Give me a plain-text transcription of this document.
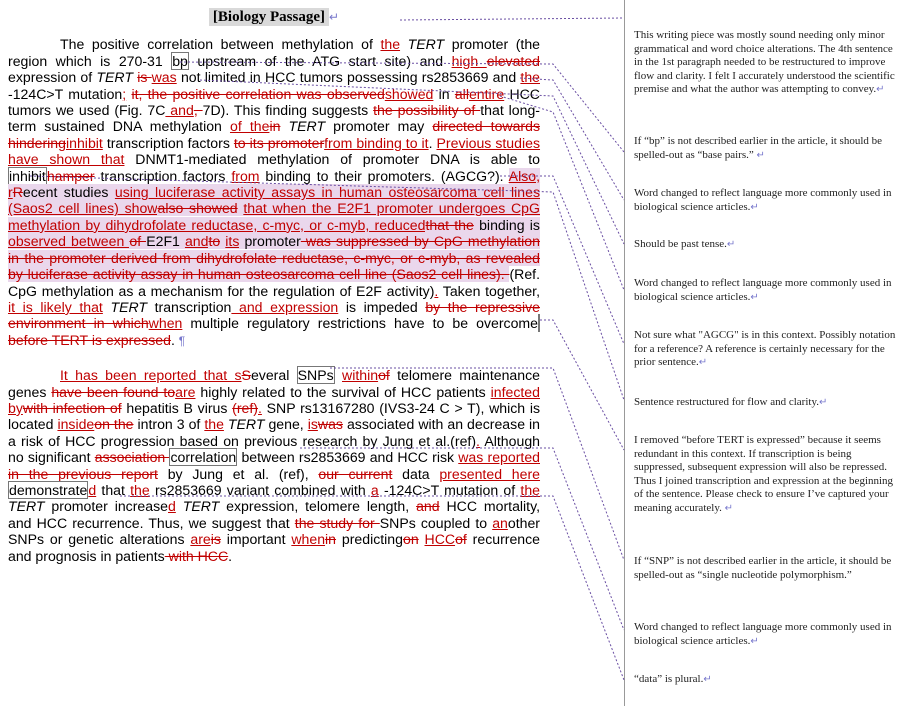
[Biology Passage] ↵

The positive correlation between methylation of the TERT promoter (the region which is 270-31 bp upstream of the ATG start site) and high elevated expression of TERT is was not limited in HCC tumors possessing rs2853669 and the -124C>T mutation; it, the positive correlation was observedshowed in allentire HCC tumors we used (Fig. 7C and, 7D). This finding suggests the possibility of that long-term sustained DNA methylation of thein TERT promoter may directed towards hinderinginhibit transcription factors to its promoterfrom binding to it. Previous studies have shown that DNMT1-mediated methylation of promoter DNA is able to inhibithamper transcription factors from binding to their promoters. (AGCG?). Also, rRecent studies using luciferase activity assays in human osteosarcoma cell lines (Saos2 cell lines) showalso showed that when the E2F1 promoter undergoes CpG methylation by dihydrofolate reductase, c-myc, or c-myb, reducedthat the binding is observed between of E2F1 andto its promoter was suppressed by CpG methylation in the promoter derived from dihydrofolate reductase, c-myc, or c-myb, as revealed by luciferase activity assay in human osteosarcoma cell line (Saos2 cell lines). (Ref. CpG methylation as a mechanism for the regulation of E2F activity). Taken together, it is likely that TERT transcription and expression is impeded by the repressive environment in whichwhen multiple regulatory restrictions have to be overcome before TERT is expressed. ¶

It has been reported that sSeveral SNPs withinof telomere maintenance genes have been found toare highly related to the survival of HCC patients infected bywith infection of hepatitis B virus (ref). SNP rs13167280 (IVS3-24 C > T), which is located insideon the intron 3 of the TERT gene, iswas associated with an decrease in a risk of HCC progression based on previous research by Jung et al.(ref). Although no significant association correlation between rs2853669 and HCC risk was reported in the previous report by Jung et al. (ref), our current data presented here demonstrated that the rs2853669 variant combined with a -124C>T mutation of the TERT promoter increased TERT expression, telomere length, and HCC mortality, and HCC recurrence. Thus, we suggest that the study for SNPs coupled to another SNPs or genetic alterations areis important whenin predictingon HCCof recurrence and prognosis in patients with HCC.

This writing piece was mostly sound needing only minor grammatical and word choice alterations. The 4th sentence in the 1st paragraph needed to be restructured to improve flow and clarity. I felt I accurately understood the scientific premise and what the author was attempting to convey.↵
If “bp” is not described earlier in the article, it should be spelled-out as “base pairs.” ↵
Word changed to reflect language more commonly used in biological science articles.↵
Should be past tense.↵
Word changed to reflect language more commonly used in biological science articles.↵
Not sure what "AGCG" is in this context. Possibly notation for a reference? A reference is certainly necessary for the prior sentence.↵
Sentence restructured for flow and clarity.↵
I removed “before TERT is expressed” because it seems redundant in this context. If transcription is being suppressed, subsequent expression will also be repressed. Thus I joined transcription and expression at the beginning of the sentence. Please check to ensure I’ve captured your meaning accurately. ↵
If “SNP” is not described earlier in the article, it should be spelled-out as “single nucleotide polymorphism.”
Word changed to reflect language more commonly used in biological science articles.↵
“data” is plural.↵
